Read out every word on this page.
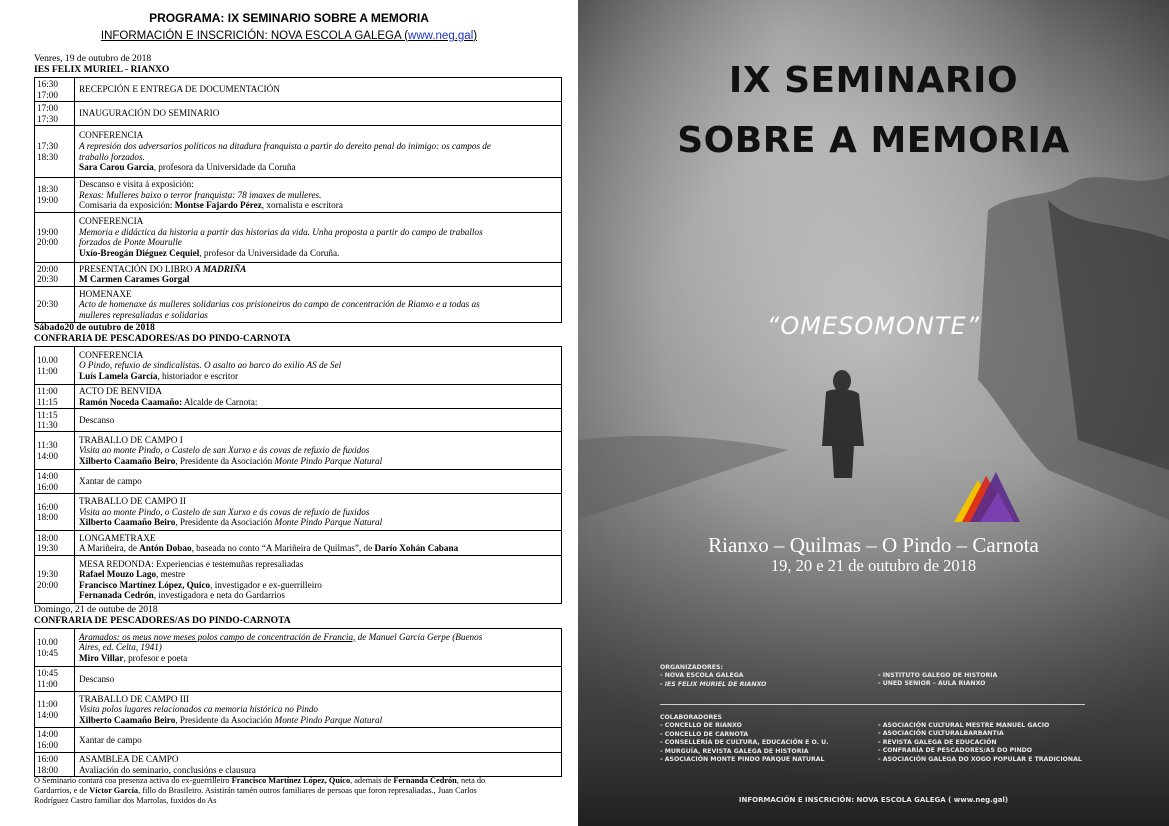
PROGRAMA: IX SEMINARIO SOBRE A MEMORIA
INFORMACIÓN E INSCRICIÓN: NOVA ESCOLA GALEGA (www.neg.gal)
Venres, 19 de outubro de 2018
IES FELIX MURIEL - RIANXO
16:30
17:00	RECEPCIÓN E ENTREGA DE DOCUMENTACIÓN

17:00
17:30	INAUGURACIÓN DO SEMINARIO

17:30
18:30	CONFERENCIA
A represión dos adversarios políticos na ditadura franquista a partir do dereito penal do inimigo: os campos de
traballo forzados.
Sara Carou García, profesora da Universidade da Coruña

18:30
19:00	Descanso e visita á exposición:
Rexas: Mulleres baixo o terror franquista: 78 imaxes de mulleres.
Comisaria da exposición: Montse Fajardo Pérez, xornalista e escritora

19:00
20:00	CONFERENCIA
Memoria e didáctica da historia a partir das historias da vida. Unha proposta a partir do campo de traballos
forzados de Ponte Mourulle
Uxío-Breogán Diéguez Cequiel, profesor da Universidade da Coruña.

20:00
20:30	PRESENTACIÓN DO LIBRO A MADRIÑA
M Carmen Carames Gorgal

20:30	HOMENAXE
Acto de homenaxe ás mulleres solidarias cos prisioneiros do campo de concentración de Rianxo e a todas as
mulleres represaliadas e solidarias
Sábado20 de outubro de 2018
CONFRARIA DE PESCADORES/AS DO PINDO-CARNOTA
10.00
11:00	CONFERENCIA
O Pindo, refuxio de sindicalistas. O asalto ao barco do exilio AS de Sel
Luís Lamela García, historiador e escritor

11:00
11:15	ACTO DE BENVIDA
Ramón Noceda Caamaño: Alcalde de Carnota:

11:15
11:30	Descanso

11:30
14:00	TRABALLO DE CAMPO I
Visita ao monte Pindo, o Castelo de san Xurxo e ás covas de refuxio de fuxidos
Xilberto Caamaño Beiro, Presidente da Asociación Monte Pindo Parque Natural

14:00
16:00	Xantar de campo

16:00
18:00	TRABALLO DE CAMPO II
Visita ao monte Pindo, o Castelo de san Xurxo e ás covas de refuxio de fuxidos
Xilberto Caamaño Beiro, Presidente da Asociación Monte Pindo Parque Natural

18:00
19:30	LONGAMETRAXE
A Mariñeira, de Antón Dobao, baseada no conto “A Mariñeira de Quilmas”, de Darío Xohán Cabana

19:30
20:00	MESA REDONDA: Experiencias e testemuñas represaliadas
Rafael Mouzo Lago, mestre
Francisco Martínez López, Quico, investigador e ex-guerrilleiro
Fernanada Cedrón, investigadora e neta do Gardarrios
Domingo, 21 de outube de 2018
CONFRARIA DE PESCADORES/AS DO PINDO-CARNOTA
10.00
10:45	Aramados: os meus nove meses polos campo de concentración de Francia, de Manuel García Gerpe (Buenos
Aires, ed. Celta, 1941)
Miro Villar, profesor e poeta

10:45
11:00	Descanso

11:00
14:00	TRABALLO DE CAMPO III
Visita polos lugares relacionados ca memoria histórica no Pindo
Xilberto Caamaño Beiro, Presidente da Asociación Monte Pindo Parque Natural

14:00
16:00	Xantar de campo

16:00
18:00	ASAMBLEA DE CAMPO
Avaliación do seminario, conclusións e clausura
O Seminario contará coa presenza activa do ex-guerrilleiro Francisco Martínez López, Quico, ademais de Fernanda Cedrón, neta do
Gardarrios, e de Víctor García, fillo do Brasileiro. Asistirán tamén outros familiares de persoas que foron represaliadas., Juan Carlos
Rodríguez Castro familiar dos Marrolas, fuxidos do As
IX SEMINARIO
SOBRE A MEMORIA
“OMESOMONTE”
Rianxo – Quilmas – O Pindo – Carnota
19, 20 e 21 de outubro de 2018
ORGANIZADORES:
- NOVA ESCOLA GALEGA
- IES FELIX MURIEL DE RIANXO
- INSTITUTO GALEGO DE HISTORIA
- UNED SENIOR – AULA RIANXO
COLABORADORES
- CONCELLO DE RIANXO
- CONCELLO DE CARNOTA
- CONSELLERÍA DE CULTURA, EDUCACIÓN E O. U.
- MURGUÍA, REVISTA GALEGA DE HISTORIA
- ASOCIACIÓN MONTE PINDO PARQUE NATURAL
- ASOCIACIÓN CULTURAL MESTRE MANUEL GACIO
- ASOCIACIÓN CULTURALBARBANTIA
- REVISTA GALEGA DE EDUCACIÓN
- CONFRARÍA DE PESCADORES/AS DO PINDO
- ASOCIACIÓN GALEGA DO XOGO POPULAR E TRADICIONAL
INFORMACIÓN E INSCRICIÓN: NOVA ESCOLA GALEGA ( www.neg.gal)
